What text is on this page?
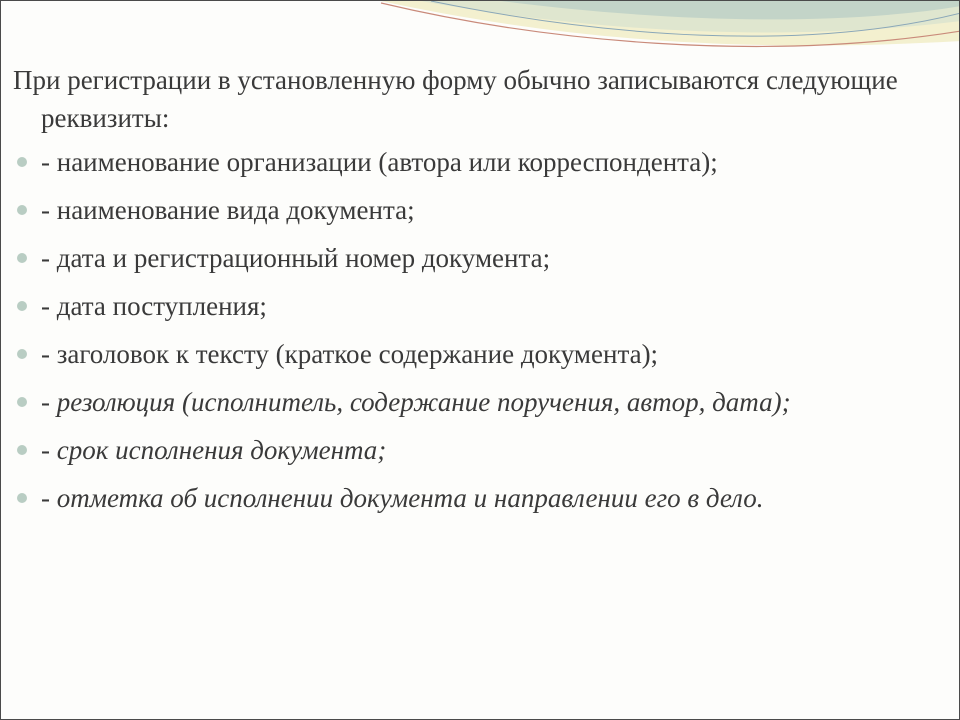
При регистрации в установленную форму обычно записываются следующие реквизиты:

- наименование организации (автора или корреспондента);
- наименование вида документа;
- дата и регистрационный номер документа;
- дата поступления;
- заголовок к тексту (краткое содержание документа);
- резолюция (исполнитель, содержание поручения, автор, дата);
- срок исполнения документа;
- отметка об исполнении документа и направлении его в дело.
